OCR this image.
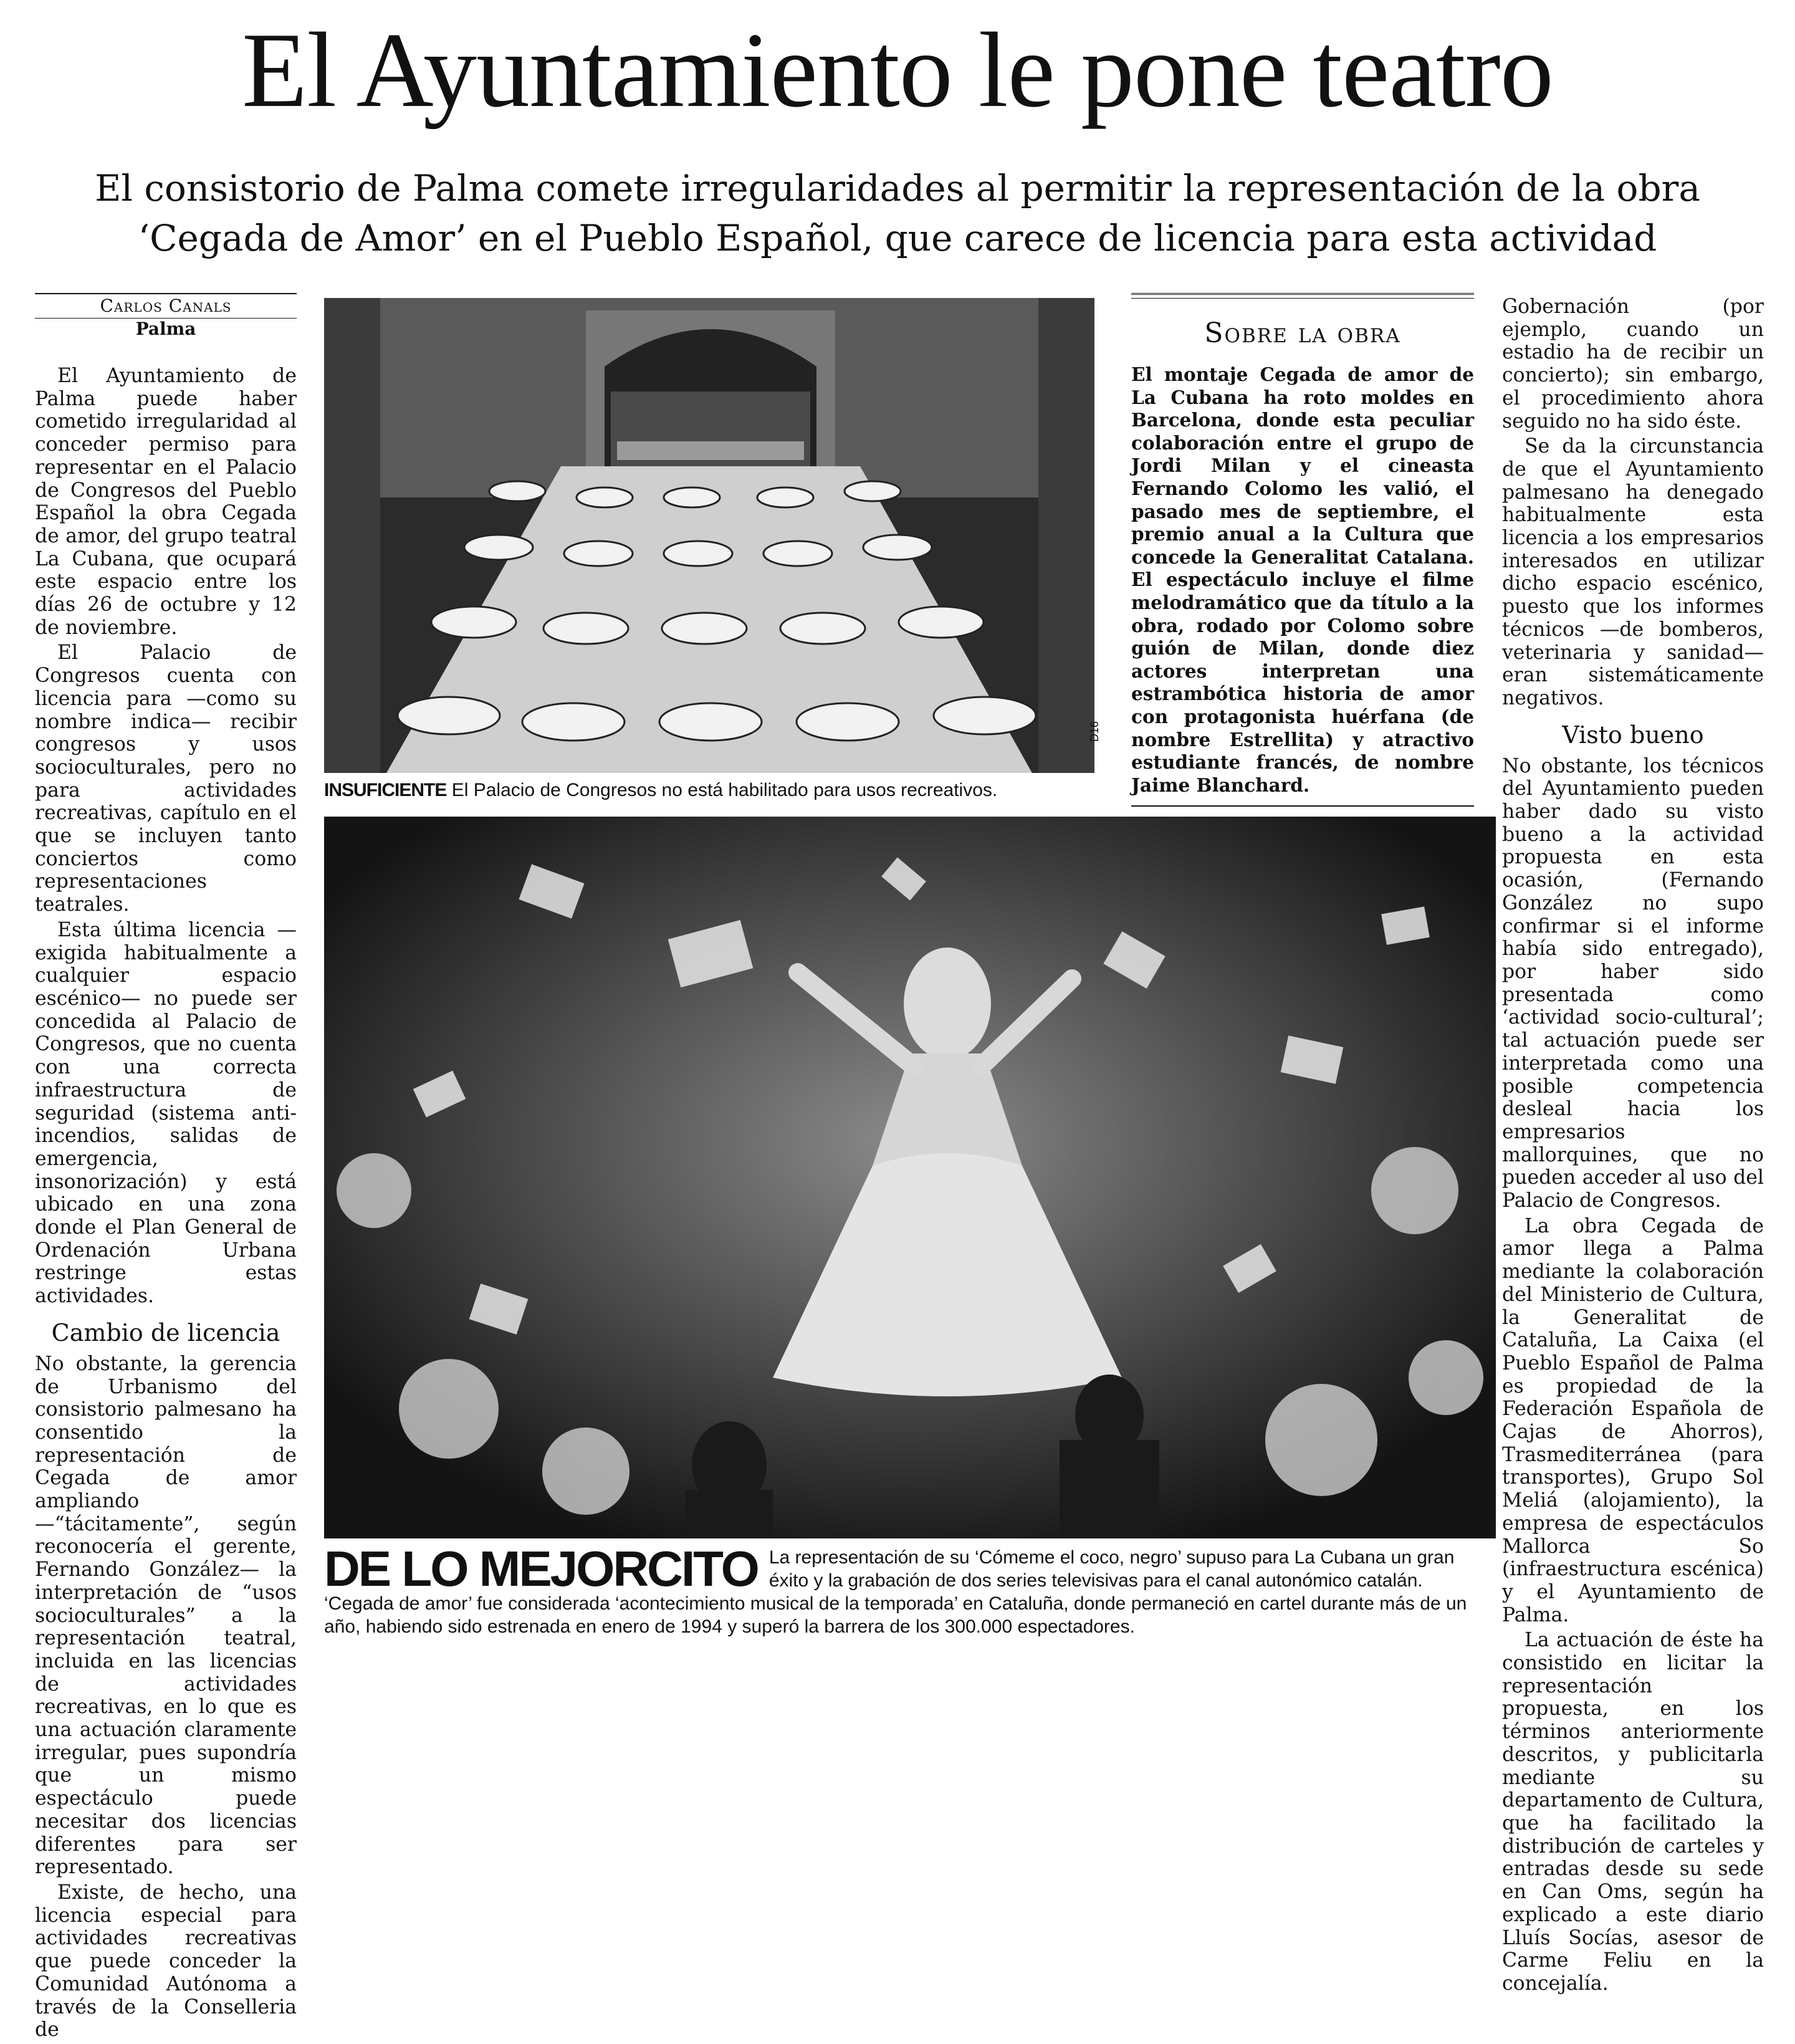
El Ayuntamiento le pone teatro
El consistorio de Palma comete irregularidades al permitir la representación de la obra ‘Cegada de Amor’ en el Pueblo Español, que carece de licencia para esta actividad
Carlos Canals
Palma

El Ayuntamiento de Palma puede haber cometido irregularidad al conceder permiso para representar en el Palacio de Congresos del Pueblo Español la obra Cegada de amor, del grupo teatral La Cubana, que ocupará este espacio entre los días 26 de octubre y 12 de noviembre.

El Palacio de Congresos cuenta con licencia para —como su nombre indica— recibir congresos y usos socioculturales, pero no para actividades recreativas, capítulo en el que se incluyen tanto conciertos como representaciones teatrales.

Esta última licencia —exigida habitualmente a cualquier espacio escénico— no puede ser concedida al Palacio de Congresos, que no cuenta con una correcta infraestructura de seguridad (sistema anti-incendios, salidas de emergencia, insonorización) y está ubicado en una zona donde el Plan General de Ordenación Urbana restringe estas actividades.

Cambio de licencia

No obstante, la gerencia de Urbanismo del consistorio palmesano ha consentido la representación de Cegada de amor ampliando —“tácitamente”, según reconocería el gerente, Fernando González— la interpretación de “usos socioculturales” a la representación teatral, incluida en las licencias de actividades recreativas, en lo que es una actuación claramente irregular, pues supondría que un mismo espectáculo puede necesitar dos licencias diferentes para ser representado.

Existe, de hecho, una licencia especial para actividades recreativas que puede conceder la Comunidad Autónoma a través de la Conselleria de

D16
INSUFICIENTE El Palacio de Congresos no está habilitado para usos recreativos.
Sobre la obra
El montaje Cegada de amor de La Cubana ha roto moldes en Barcelona, donde esta peculiar colaboración entre el grupo de Jordi Milan y el cineasta Fernando Colomo les valió, el pasado mes de septiembre, el premio anual a la Cultura que concede la Generalitat Catalana. El espectáculo incluye el filme melodramático que da título a la obra, rodado por Colomo sobre guión de Milan, donde diez actores interpretan una estrambótica historia de amor con protagonista huérfana (de nombre Estrellita) y atractivo estudiante francés, de nombre Jaime Blanchard.
DE LO MEJORCITO La representación de su ‘Cómeme el coco, negro’ supuso para La Cubana un gran éxito y la grabación de dos series televisivas para el canal autonómico catalán. ‘Cegada de amor’ fue considerada ‘acontecimiento musical de la temporada’ en Cataluña, donde permaneció en cartel durante más de un año, habiendo sido estrenada en enero de 1994 y superó la barrera de los 300.000 espectadores.

Gobernación (por ejemplo, cuando un estadio ha de recibir un concierto); sin embargo, el procedimiento ahora seguido no ha sido éste.

Se da la circunstancia de que el Ayuntamiento palmesano ha denegado habitualmente esta licencia a los empresarios interesados en utilizar dicho espacio escénico, puesto que los informes técnicos —de bomberos, veterinaria y sanidad— eran sistemáticamente negativos.

Visto bueno

No obstante, los técnicos del Ayuntamiento pueden haber dado su visto bueno a la actividad propuesta en esta ocasión, (Fernando González no supo confirmar si el informe había sido entregado), por haber sido presentada como ‘actividad socio-cultural’; tal actuación puede ser interpretada como una posible competencia desleal hacia los empresarios mallorquines, que no pueden acceder al uso del Palacio de Congresos.

La obra Cegada de amor llega a Palma mediante la colaboración del Ministerio de Cultura, la Generalitat de Cataluña, La Caixa (el Pueblo Español de Palma es propiedad de la Federación Española de Cajas de Ahorros), Trasmediterránea (para transportes), Grupo Sol Meliá (alojamiento), la empresa de espectáculos Mallorca So (infraestructura escénica) y el Ayuntamiento de Palma.

La actuación de éste ha consistido en licitar la representación propuesta, en los términos anteriormente descritos, y publicitarla mediante su departamento de Cultura, que ha facilitado la distribución de carteles y entradas desde su sede en Can Oms, según ha explicado a este diario Lluís Socías, asesor de Carme Feliu en la concejalía.
